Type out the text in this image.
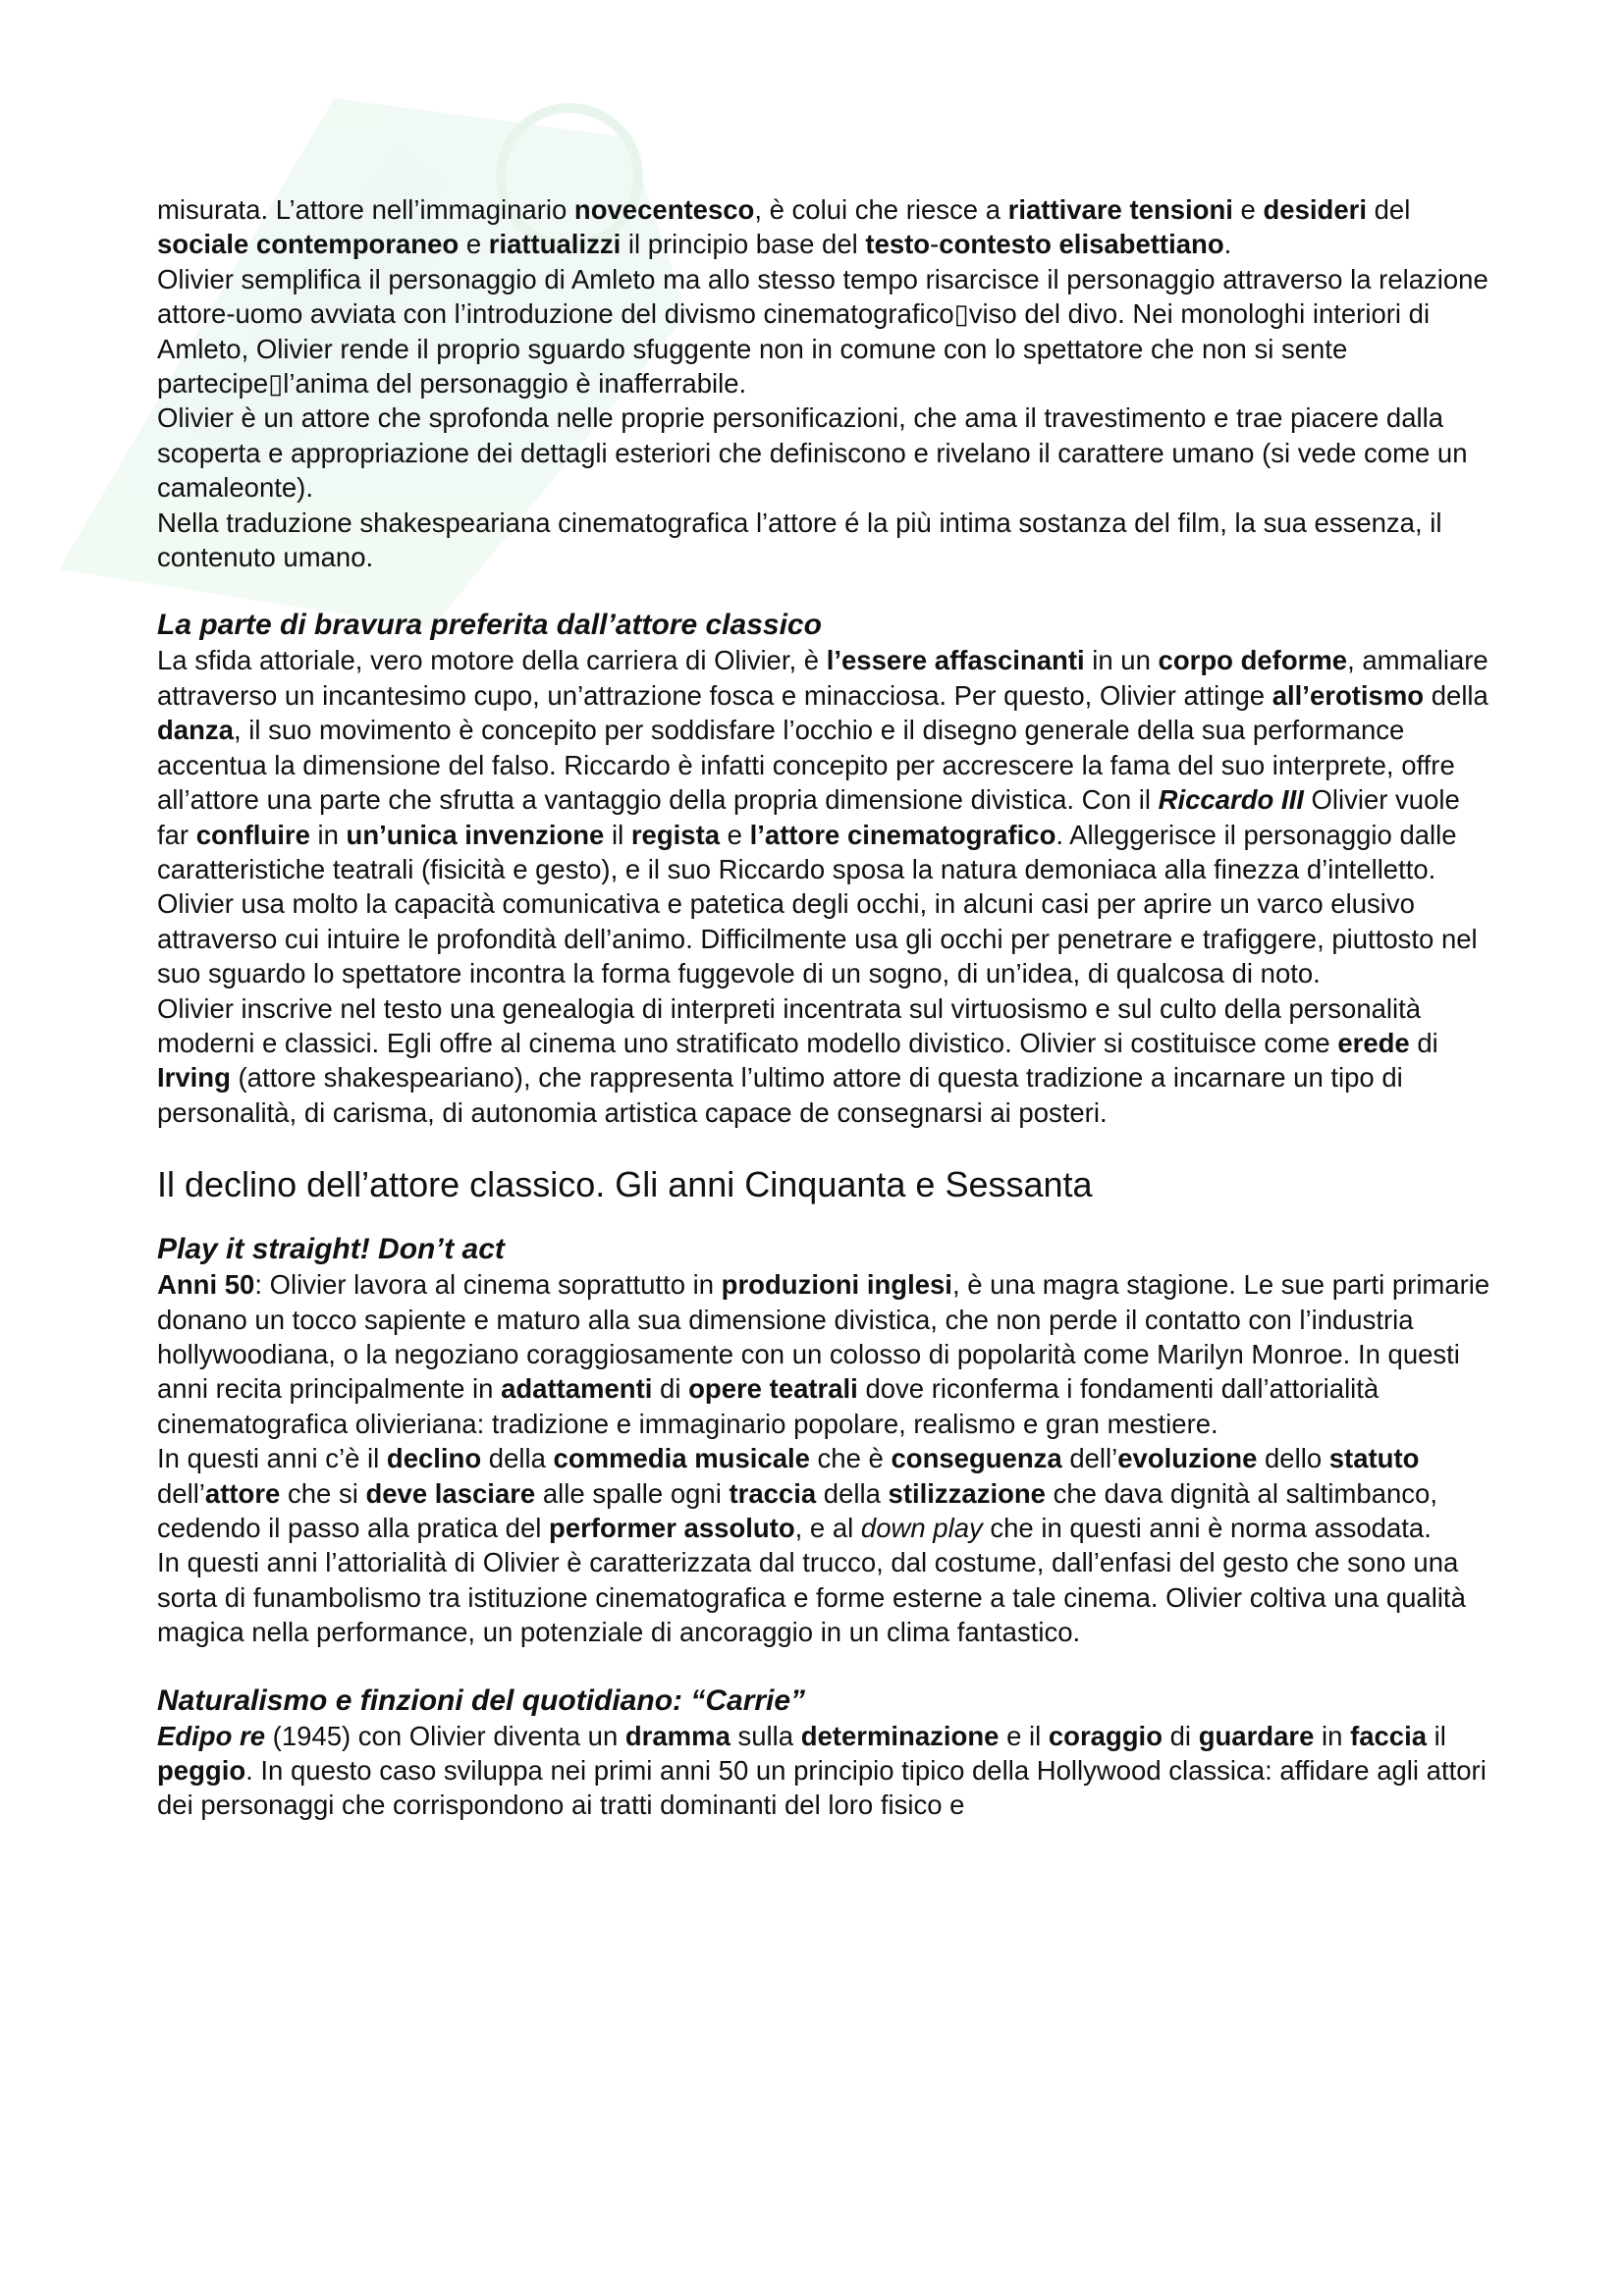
misurata. L’attore nell’immaginario novecentesco, è colui che riesce a riattivare tensioni e desideri del sociale contemporaneo e riattualizzi il principio base del testo-contesto elisabettiano.

Olivier semplifica il personaggio di Amleto ma allo stesso tempo risarcisce il personaggio attraverso la relazione attore-uomo avviata con l’introduzione del divismo cinematografico▯viso del divo. Nei monologhi interiori di Amleto, Olivier rende il proprio sguardo sfuggente non in comune con lo spettatore che non si sente partecipe▯l’anima del personaggio è inafferrabile.

Olivier è un attore che sprofonda nelle proprie personificazioni, che ama il travestimento e trae piacere dalla scoperta e appropriazione dei dettagli esteriori che definiscono e rivelano il carattere umano (si vede come un camaleonte).

Nella traduzione shakespeariana cinematografica l’attore é la più intima sostanza del film, la sua essenza, il contenuto umano.

La parte di bravura preferita dall’attore classico

La sfida attoriale, vero motore della carriera di Olivier, è l’essere affascinanti in un corpo deforme, ammaliare attraverso un incantesimo cupo, un’attrazione fosca e minacciosa. Per questo, Olivier attinge all’erotismo della danza, il suo movimento è concepito per soddisfare l’occhio e il disegno generale della sua performance accentua la dimensione del falso. Riccardo è infatti concepito per accrescere la fama del suo interprete, offre all’attore una parte che sfrutta a vantaggio della propria dimensione divistica. Con il Riccardo III Olivier vuole far confluire in un’unica invenzione il regista e l’attore cinematografico. Alleggerisce il personaggio dalle caratteristiche teatrali (fisicità e gesto), e il suo Riccardo sposa la natura demoniaca alla finezza d’intelletto.

Olivier usa molto la capacità comunicativa e patetica degli occhi, in alcuni casi per aprire un varco elusivo attraverso cui intuire le profondità dell’animo. Difficilmente usa gli occhi per penetrare e trafiggere, piuttosto nel suo sguardo lo spettatore incontra la forma fuggevole di un sogno, di un’idea, di qualcosa di noto.

Olivier inscrive nel testo una genealogia di interpreti incentrata sul virtuosismo e sul culto della personalità moderni e classici. Egli offre al cinema uno stratificato modello divistico. Olivier si costituisce come erede di Irving (attore shakespeariano), che rappresenta l’ultimo attore di questa tradizione a incarnare un tipo di personalità, di carisma, di autonomia artistica capace de consegnarsi ai posteri.

Il declino dell’attore classico. Gli anni Cinquanta e Sessanta

Play it straight! Don’t act

Anni 50: Olivier lavora al cinema soprattutto in produzioni inglesi, è una magra stagione. Le sue parti primarie donano un tocco sapiente e maturo alla sua dimensione divistica, che non perde il contatto con l’industria hollywoodiana, o la negoziano coraggiosamente con un colosso di popolarità come Marilyn Monroe. In questi anni recita principalmente in adattamenti di opere teatrali dove riconferma i fondamenti dall’attorialità cinematografica olivieriana: tradizione e immaginario popolare, realismo e gran mestiere.

In questi anni c’è il declino della commedia musicale che è conseguenza dell’evoluzione dello statuto dell’attore che si deve lasciare alle spalle ogni traccia della stilizzazione che dava dignità al saltimbanco, cedendo il passo alla pratica del performer assoluto, e al down play che in questi anni è norma assodata.

In questi anni l’attorialità di Olivier è caratterizzata dal trucco, dal costume, dall’enfasi del gesto che sono una sorta di funambolismo tra istituzione cinematografica e forme esterne a tale cinema. Olivier coltiva una qualità magica nella performance, un potenziale di ancoraggio in un clima fantastico.

Naturalismo e finzioni del quotidiano: “Carrie”

Edipo re (1945) con Olivier diventa un dramma sulla determinazione e il coraggio di guardare in faccia il peggio. In questo caso sviluppa nei primi anni 50 un principio tipico della Hollywood classica: affidare agli attori dei personaggi che corrispondono ai tratti dominanti del loro fisico e
